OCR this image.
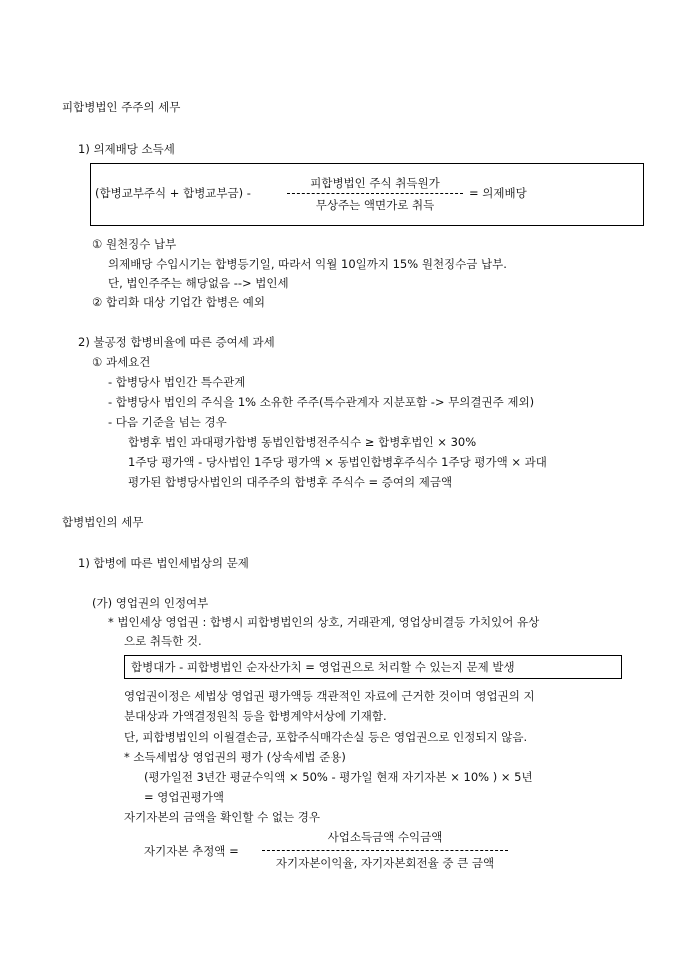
피합병법인 주주의 세무
1) 의제배당 소득세
(합병교부주식 + 합병교부금) -
피합병법인 주식 취득원가
무상주는 액면가로 취득
= 의제배당
① 원천징수 납부
의제배당 수입시기는 합병등기일, 따라서 익월 10일까지 15% 원천징수금 납부.
단, 법인주주는 해당없음 --> 법인세
② 합리화 대상 기업간 합병은 예외
2) 불공정 합병비율에 따른 증여세 과세
① 과세요건
- 합병당사 법인간 특수관계
- 합병당사 법인의 주식을 1% 소유한 주주(특수관계자 지분포함 -> 무의결권주 제외)
- 다음 기준을 넘는 경우
합병후 법인 과대평가합병 동법인합병전주식수 ≥ 합병후법인 × 30%
1주당 평가액 - 당사법인 1주당 평가액 × 동법인합병후주식수 1주당 평가액 × 과대
평가된 합병당사법인의 대주주의 합병후 주식수 = 증여의 제금액
합병법인의 세무
1) 합병에 따른 법인세법상의 문제
(가) 영업권의 인정여부
* 법인세상 영업권 : 합병시 피합병법인의 상호, 거래관계, 영업상비결등 가치있어 유상
으로 취득한 것.
합병대가 - 피합병법인 순자산가치 = 영업권으로 처리할 수 있는지 문제 발생
영업권이정은 세법상 영업권 평가액등 객관적인 자료에 근거한 것이며 영업권의 지
분대상과 가액결정원칙 등을 합병계약서상에 기재함.
단, 피합병법인의 이월결손금, 포합주식매각손실 등은 영업권으로 인정되지 않음.
* 소득세법상 영업권의 평가 (상속세법 준용)
(평가일전 3년간 평균수익액 × 50% - 평가일 현재 자기자본 × 10% ) × 5년
= 영업권평가액
자기자본의 금액을 확인할 수 없는 경우
사업소득금액 수익금액
자기자본 추정액 =
자기자본이익율, 자기자본회전율 중 큰 금액
